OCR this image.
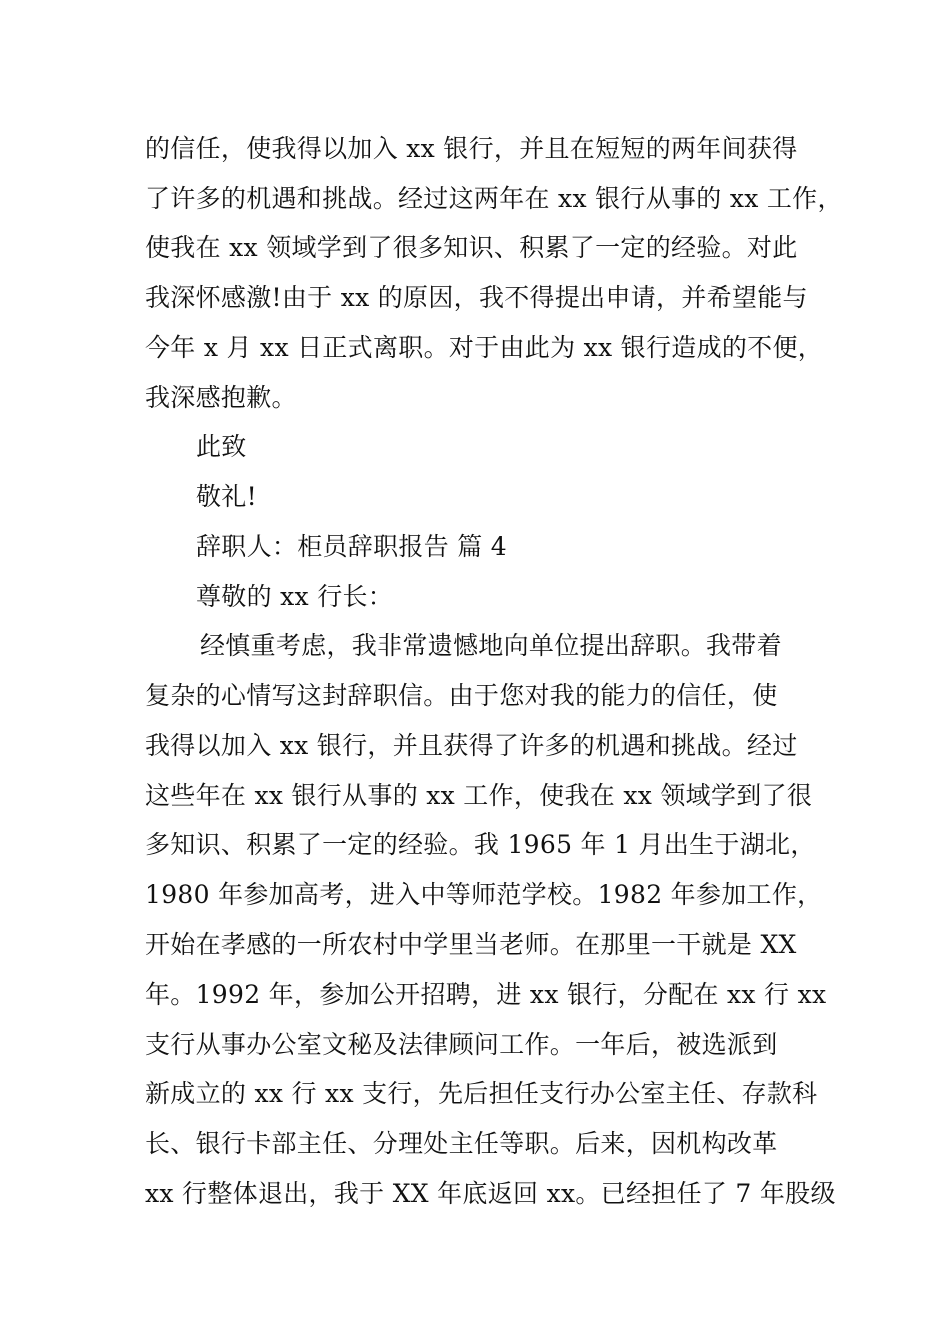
的信任，使我得以加入 xx 银行，并且在短短的两年间获得
了许多的机遇和挑战。经过这两年在 xx 银行从事的 xx 工作，
使我在 xx 领域学到了很多知识、积累了一定的经验。对此
我深怀感激!由于 xx 的原因，我不得提出申请，并希望能与
今年 x 月 xx 日正式离职。对于由此为 xx 银行造成的不便，
我深感抱歉。
此致
敬礼!
辞职人：柜员辞职报告 篇 4
尊敬的 xx 行长：
经慎重考虑，我非常遗憾地向单位提出辞职。我带着
复杂的心情写这封辞职信。由于您对我的能力的信任，使
我得以加入 xx 银行，并且获得了许多的机遇和挑战。经过
这些年在 xx 银行从事的 xx 工作，使我在 xx 领域学到了很
多知识、积累了一定的经验。我 1965 年 1 月出生于湖北，
1980 年参加高考，进入中等师范学校。1982 年参加工作，
开始在孝感的一所农村中学里当老师。在那里一干就是 XX
年。1992 年，参加公开招聘，进 xx 银行，分配在 xx 行 xx
支行从事办公室文秘及法律顾问工作。一年后，被选派到
新成立的 xx 行 xx 支行，先后担任支行办公室主任、存款科
长、银行卡部主任、分理处主任等职。后来，因机构改革
xx 行整体退出，我于 XX 年底返回 xx。已经担任了 7 年股级
